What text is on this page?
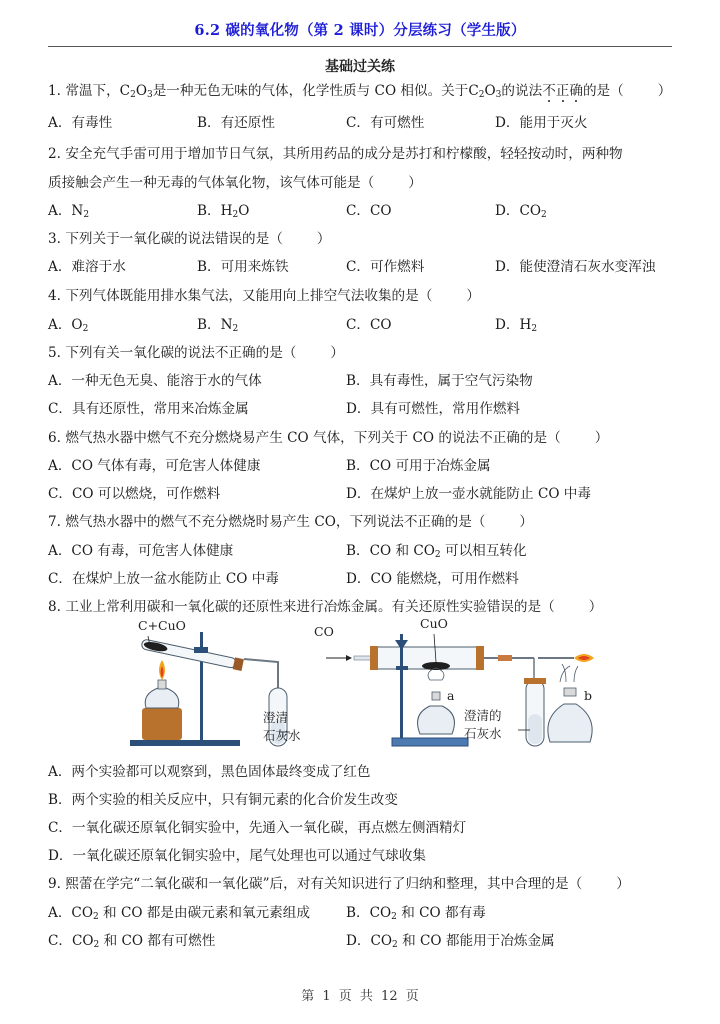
6.2 碳的氧化物（第 2 课时）分层练习（学生版）
基础过关练
1. 常温下，$C_2O_3$是一种无色无味的气体，化学性质与 CO 相似。关于$C_2O_3$的说法不正确的是（	）
A．有毒性	B．有还原性	C．有可燃性	D．能用于灭火
2. 安全充气手雷可用于增加节日气氛，其所用药品的成分是苏打和柠檬酸，轻轻按动时，两种物
质接触会产生一种无毒的气体氧化物，该气体可能是（	）
A．$N_2$	B．$H_2O$	C．CO	D．$CO_2$
3. 下列关于一氧化碳的说法错误的是（	）
A．难溶于水	B．可用来炼铁	C．可作燃料	D．能使澄清石灰水变浑浊
4. 下列气体既能用排水集气法，又能用向上排空气法收集的是（	）
A．$O_2$	B．$N_2$	C．CO	D．$H_2$
5. 下列有关一氧化碳的说法不正确的是（	）
A．一种无色无臭、能溶于水的气体	B．具有毒性，属于空气污染物
C．具有还原性，常用来冶炼金属	D．具有可燃性，常用作燃料
6. 燃气热水器中燃气不充分燃烧易产生 CO 气体，下列关于 CO 的说法不正确的是（	）
A．CO 气体有毒，可危害人体健康	B．CO 可用于冶炼金属
C．CO 可以燃烧，可作燃料	D．在煤炉上放一壶水就能防止 CO 中毒
7. 燃气热水器中的燃气不充分燃烧时易产生 CO，下列说法不正确的是（	）
A．CO 有毒，可危害人体健康	B．CO 和 $CO_2$ 可以相互转化
C．在煤炉上放一盆水能防止 CO 中毒	D．CO 能燃烧，可用作燃料
8. 工业上常利用碳和一氧化碳的还原性来进行冶炼金属。有关还原性实验错误的是（	）
C+CuO
澄清
石灰水
CO
CuO
a	b
澄清的
石灰水
A．两个实验都可以观察到，黑色固体最终变成了红色
B．两个实验的相关反应中，只有铜元素的化合价发生改变
C．一氧化碳还原氧化铜实验中，先通入一氧化碳，再点燃左侧酒精灯
D．一氧化碳还原氧化铜实验中，尾气处理也可以通过气球收集
9. 熙蕾在学完“二氧化碳和一氧化碳”后，对有关知识进行了归纳和整理，其中合理的是（	）
A．$CO_2$ 和 CO 都是由碳元素和氧元素组成	B．$CO_2$ 和 CO 都有毒
C．$CO_2$ 和 CO 都有可燃性	D．$CO_2$ 和 CO 都能用于冶炼金属
第 1 页 共 12 页
